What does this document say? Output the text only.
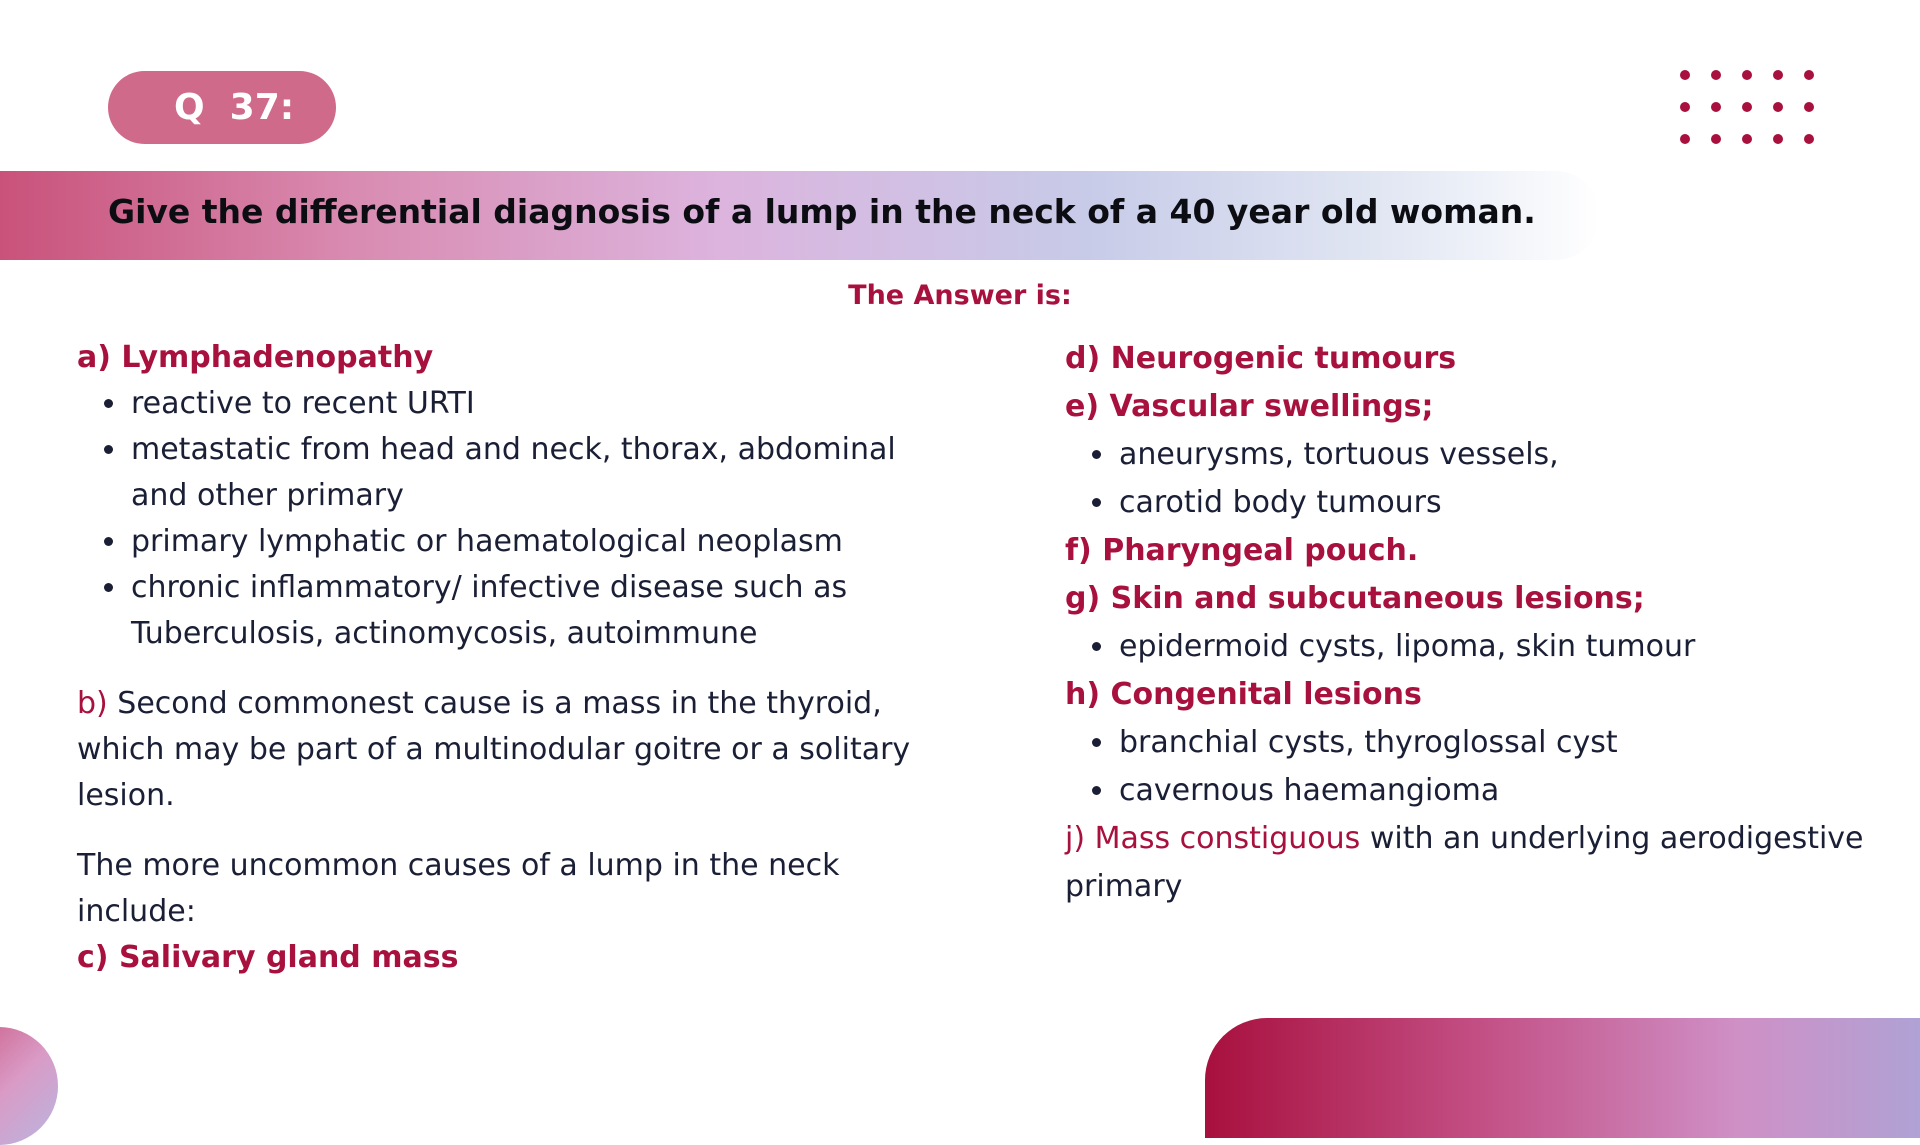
Q  37:
Give the differential diagnosis of a lump in the neck of a 40 year old woman.
The Answer is:
a) Lymphadenopathy
• reactive to recent URTI
• metastatic from head and neck, thorax, abdominal and other primary
• primary lymphatic or haematological neoplasm
• chronic inflammatory/ infective disease such as Tuberculosis, actinomycosis, autoimmune
b) Second commonest cause is a mass in the thyroid, which may be part of a multinodular goitre or a solitary lesion.
The more uncommon causes of a lump in the neck include:
c) Salivary gland mass
d) Neurogenic tumours
e) Vascular swellings;
• aneurysms, tortuous vessels,
• carotid body tumours
f) Pharyngeal pouch.
g) Skin and subcutaneous lesions;
• epidermoid cysts, lipoma, skin tumour
h) Congenital lesions
• branchial cysts, thyroglossal cyst
• cavernous haemangioma
j) Mass constiguous with an underlying aerodigestive primary
